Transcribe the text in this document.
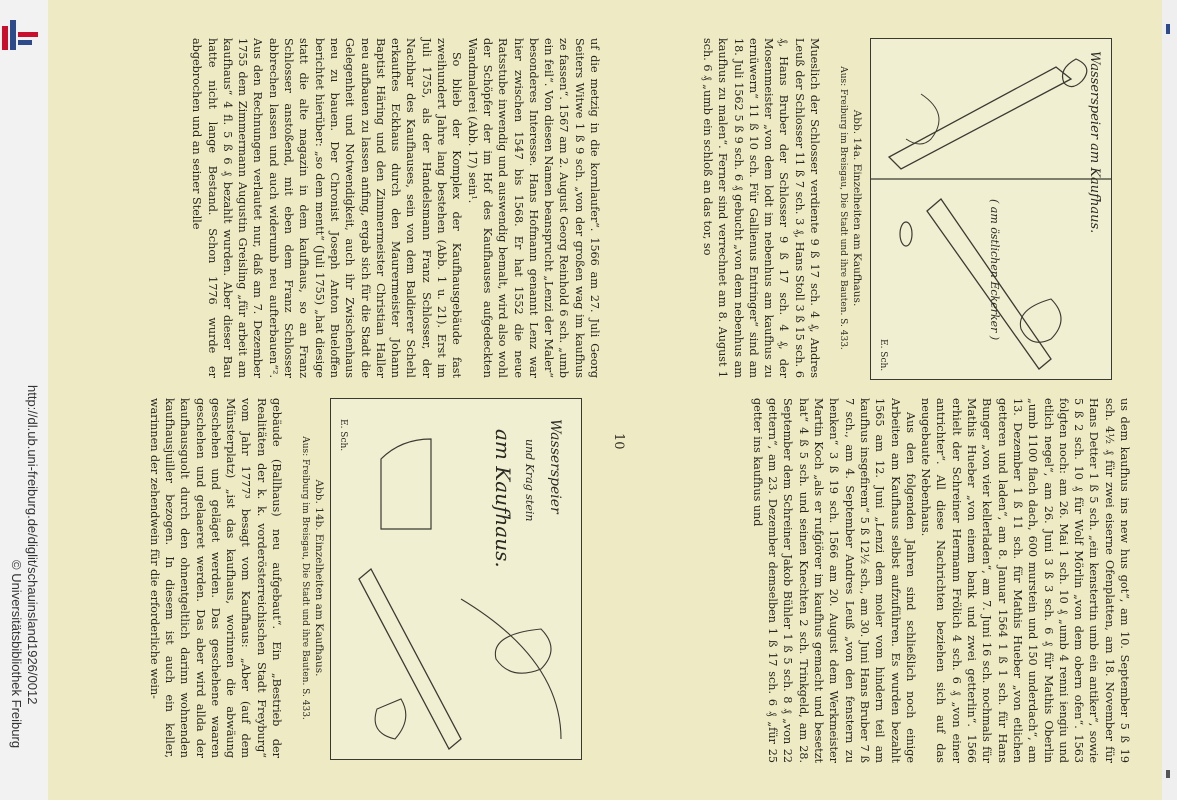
http://dl.ub.uni-freiburg.de/diglit/schauinsland1926/0012
© Universitätsbibliothek Freiburg
Wasserspeier am Kaufhaus.
( am östlichen Eckerker )
E. Sch.
Abb. 14a. Einzelheiten am Kaufhaus.
Aus: Freiburg im Breisgau, Die Stadt und ihre Bauten. S. 433.

Mueslich der Schlosser verdiente 9 ß 17 sch. 4 ₰, Andres Leuß der Schlosser 11 ß 7 sch. 3 ₰, Hans Stoll 3 ß 15 sch. 6 ₰, Hans Bruber der Schlosser 9 ß 17 sch. 4 ₰, der Mosenmeister „von dem lodt im nebenhus am kaufhus zu ernüwern“ 11 ß 10 sch. Für Gallienus Entringer“ sind am 18. Juli 1562 5 ß 9 sch. 6 ₰ gebucht „von dem nebenhus am kaufhus zu malen“. Ferner sind verrechnet am 8. August 1 sch. 6 ₰ „umb ein schloß an das tor, so

us dem kaufhus ins new hus got“, am 10. September 5 ß 19 sch. 4½ ₰ für zwei eiserne Ofenplatten, am 18. November für Hans Detter 1 ß 5 sch. „ein kenstertin umb ein antiker“, sowie 5 ß 2 sch. 10 ₰ für Wolf Mörlin „von dem obern ofen“. 1563 folgten noch: am 26. Mai 1 sch. 10 ₰ „umb 4 renni iengiu und etlich negel“, am 26. Juni 3 ß 3 sch. 6 ₰ für Mathis Oberlin „umb 1100 flach dach, 600 murstein und 150 underdach“, am 13. Dezember 1 ß 11 sch. für Mathis Hueber „von etlichen getteren und laden“, am 8. Januar 1564 1 ß 1 sch. für Hans Bunger „von vier kellerladen“, am 7. Juni 16 sch. nochmals für Mathis Hueber „von einem bank und zwei getterlin“. 1566 erhielt der Schreiner Hermann Frölich 4 sch. 6 ₰ „von einer antrichter“. All diese Nachrichten beziehen sich auf das neugebaute Nebenhaus.

Aus den folgenden Jahren sind schließlich noch einige Arbeiten am Kaufhaus selbst aufzuführen. Es wurden bezahlt 1565 am 12. Juni „Lenzi dem moler vom hindern teil am kaufhus insgefirem“ 5 ß 12½ sch., am 30. Juni Hans Bruber 7 ß 7 sch., am 4. September Andres Leuß „von den fenstern zu henken“ 3 ß 19 sch. 1566 am 20. August dem Werkmeister Martin Koch „als er rufgiörer im kaufhus gemacht und besetzt hat“ 4 ß 5 sch. und seinen Knechten 2 sch. Trinkgeld, am 28. September dem Schreiner Jakob Bühler 1 ß 5 sch. 8 ₰ „von 22 gettern“, am 23. Dezember demselben 1 ß 17 sch. 6 ₰ „für 25 getter ins kaufhus und

10

uf die metzig in die kornlaufer“. 1566 am 27. Juli Georg Seiters Witwe 1 ß 9 sch. „von der großen wag im kaufhus ze fassen“. 1567 am 2. August Georg Reinhold 6 sch. „umb ein feil“. Von diesen Namen beansprucht „Lenzi der Maler“ besonderes Interesse. Hans Hofmann genannt Lenz war hier zwischen 1547 bis 1568. Er hat 1552 die neue Ratsstube inwendig und auswendig bemalt, wird also wohl der Schöpfer der im Hof des Kaufhauses aufgedeckten Wandmalerei (Abb. 17) sein¹.

So blieb der Komplex der Kaufhausgebäude fast zweihundert Jahre lang bestehen (Abb. 1 u. 21). Erst im Juli 1755, als der Handelsmann Franz Schlosser, der Nachbar des Kaufhauses, sein von dem Baldierer Schehl erkauftes Eckhaus durch den Maurermeister Johann Baptist Häring und den Zimmermeister Christian Haller neu aufbauen zu lassen anfing, ergab sich für die Stadt die Gelegenheit und Notwendigkeit, auch ihr Zwischenhaus neu zu bauen. Der Chronist Joseph Anton Bueloffen berichtet hierüber: „so dem mentt“ (Juli 1755) „hat diesige statt die alte magazin in dem kaufhaus, so an Franz Schlosser anstoßend, mit eben dem Franz Schlosser abbrechen lassen und auch widerumb neu aufterbauen“². Aus den Rechnungen verlautet nur, daß am 7. Dezember 1755 dem Zimmermann Augustin Greisling „für arbeit am kaufhaus“ 4 fl. 5 ß 6 ₰ bezahlt wurden. Aber dieser Bau hatte nicht lange Bestand. Schon 1776 wurde er abgebrochen und an seiner Stelle

Wasserspeier
und Krag stein
am Kaufhaus.
E. Sch.
Abb. 14b. Einzelheiten am Kaufhaus.
Aus: Freiburg im Breisgau, Die Stadt und ihre Bauten. S. 433.

gebäude (Ballhaus) neu aufgebaut“. Ein „Bestrieb der Realitäten der k. k. vorderösterreichischen Stadt Freyburg“ vom Jahr 1777³ besagt vom Kaufhaus: „Aber (auf dem Münsterplatz) „ist das kaufhaus, worinnen die abwäung geschehen und geläget werden. Das geschehene waaren geschehen und gelaaeret werden. Das aber wird allda der kaufhausguolt durch den ohnentgeltlich darinn wohnenden kaufhausjuiller bezogen. In diesem ist auch ein keller, warinnen der zehendwein für die erforderliche wein-
